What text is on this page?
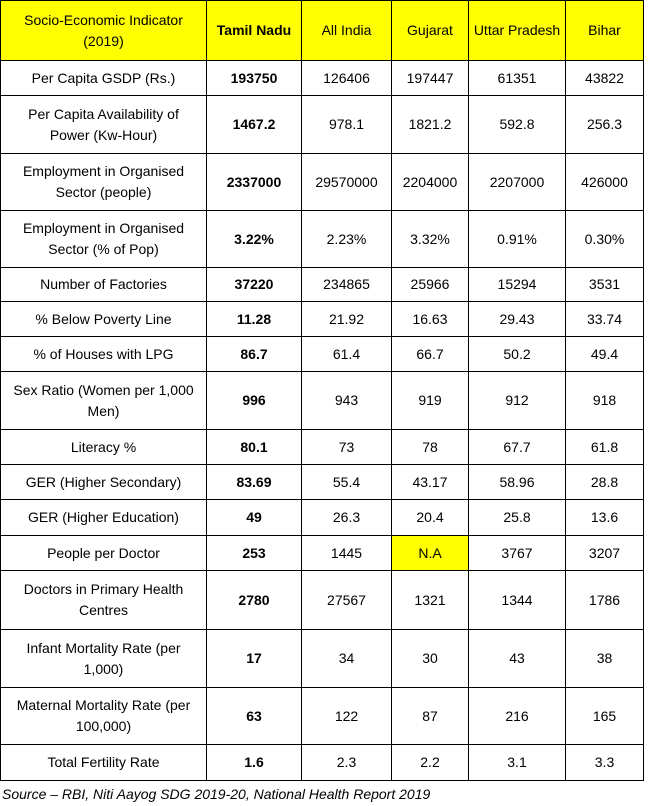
Socio-Economic Indicator (2019)	Tamil Nadu	All India	Gujarat	Uttar Pradesh	Bihar
Per Capita GSDP (Rs.)	193750	126406	197447	61351	43822
Per Capita Availability of Power (Kw-Hour)	1467.2	978.1	1821.2	592.8	256.3
Employment in Organised Sector (people)	2337000	29570000	2204000	2207000	426000
Employment in Organised Sector (% of Pop)	3.22%	2.23%	3.32%	0.91%	0.30%
Number of Factories	37220	234865	25966	15294	3531
% Below Poverty Line	11.28	21.92	16.63	29.43	33.74
% of Houses with LPG	86.7	61.4	66.7	50.2	49.4
Sex Ratio (Women per 1,000 Men)	996	943	919	912	918
Literacy %	80.1	73	78	67.7	61.8
GER (Higher Secondary)	83.69	55.4	43.17	58.96	28.8
GER (Higher Education)	49	26.3	20.4	25.8	13.6
People per Doctor	253	1445	N.A	3767	3207
Doctors in Primary Health Centres	2780	27567	1321	1344	1786
Infant Mortality Rate (per 1,000)	17	34	30	43	38
Maternal Mortality Rate (per 100,000)	63	122	87	216	165
Total Fertility Rate	1.6	2.3	2.2	3.1	3.3
Source – RBI, Niti Aayog SDG 2019-20, National Health Report 2019
